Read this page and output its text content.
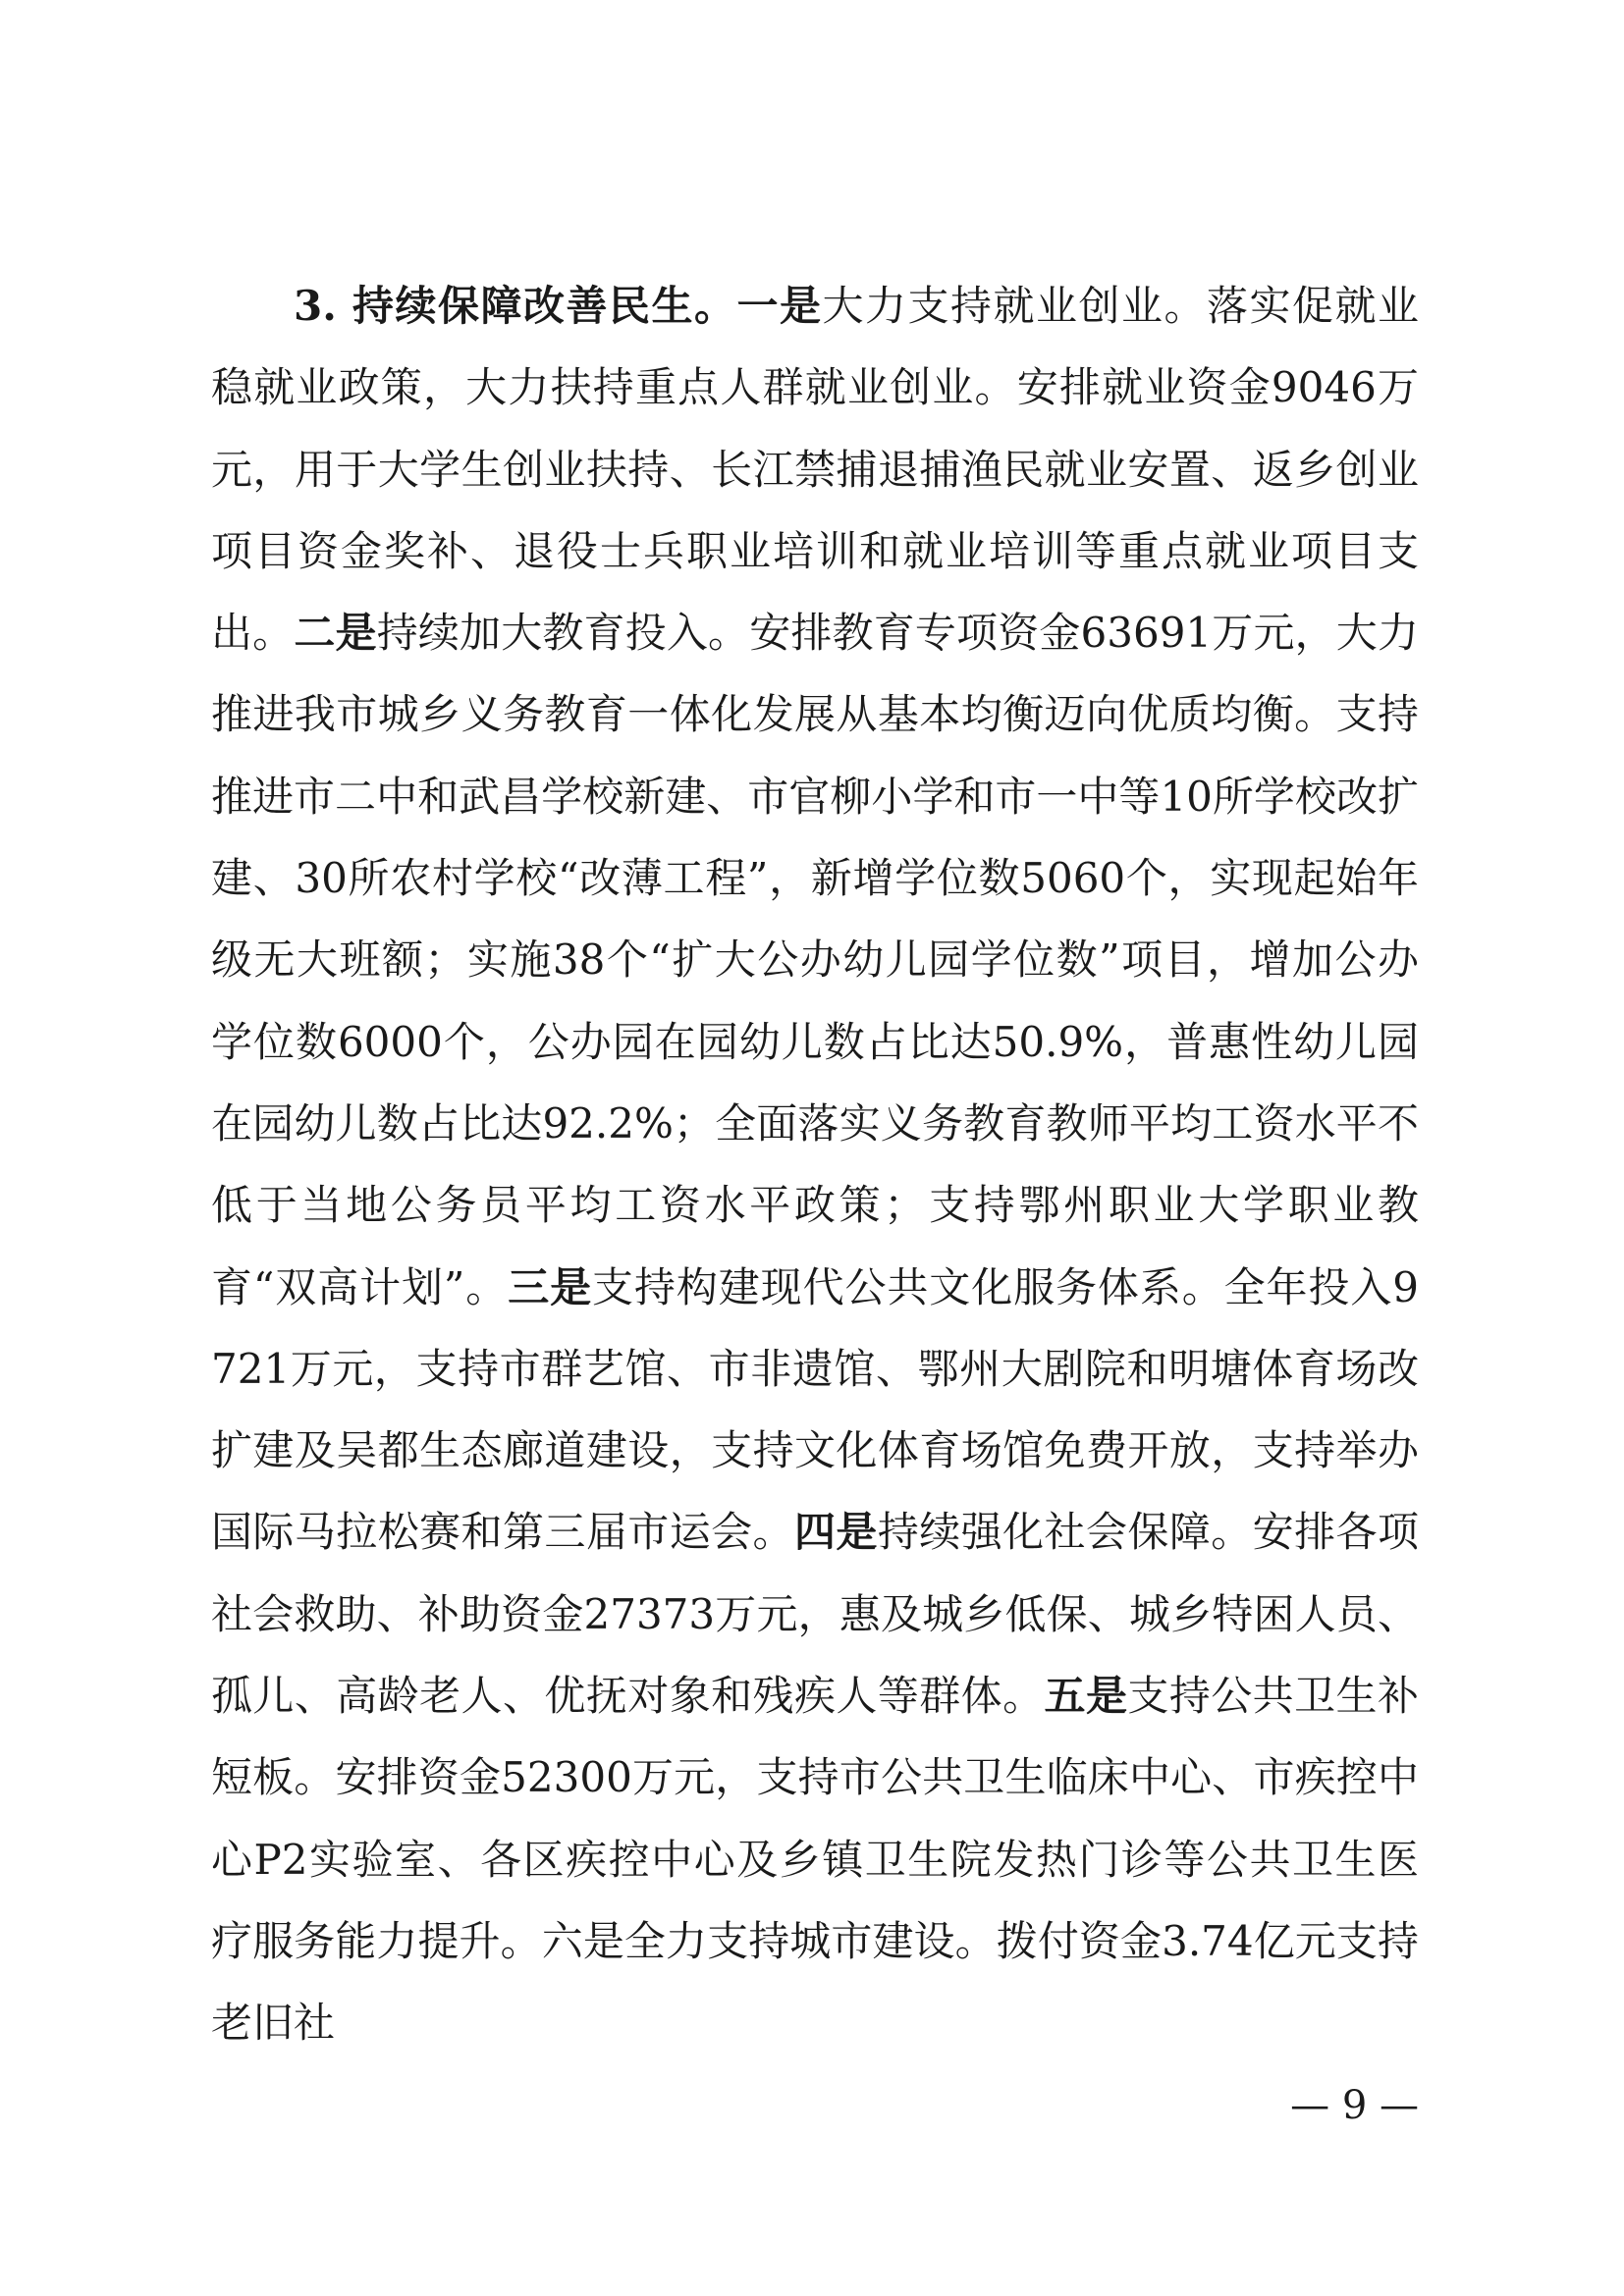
3. 持续保障改善民生。一是大力支持就业创业。落实促就业稳就业政策，大力扶持重点人群就业创业。安排就业资金9046万元，用于大学生创业扶持、长江禁捕退捕渔民就业安置、返乡创业项目资金奖补、退役士兵职业培训和就业培训等重点就业项目支出。二是持续加大教育投入。安排教育专项资金63691万元，大力推进我市城乡义务教育一体化发展从基本均衡迈向优质均衡。支持推进市二中和武昌学校新建、市官柳小学和市一中等10所学校改扩建、30所农村学校“改薄工程”，新增学位数5060个，实现起始年级无大班额；实施38个“扩大公办幼儿园学位数”项目，增加公办学位数6000个，公办园在园幼儿数占比达50.9%，普惠性幼儿园在园幼儿数占比达92.2%；全面落实义务教育教师平均工资水平不低于当地公务员平均工资水平政策；支持鄂州职业大学职业教育“双高计划”。三是支持构建现代公共文化服务体系。全年投入9721万元，支持市群艺馆、市非遗馆、鄂州大剧院和明塘体育场改扩建及吴都生态廊道建设，支持文化体育场馆免费开放，支持举办国际马拉松赛和第三届市运会。四是持续强化社会保障。安排各项社会救助、补助资金27373万元，惠及城乡低保、城乡特困人员、孤儿、高龄老人、优抚对象和残疾人等群体。五是支持公共卫生补短板。安排资金52300万元，支持市公共卫生临床中心、市疾控中心P2实验室、各区疾控中心及乡镇卫生院发热门诊等公共卫生医疗服务能力提升。六是全力支持城市建设。拨付资金3.74亿元支持老旧社

— 9 —
